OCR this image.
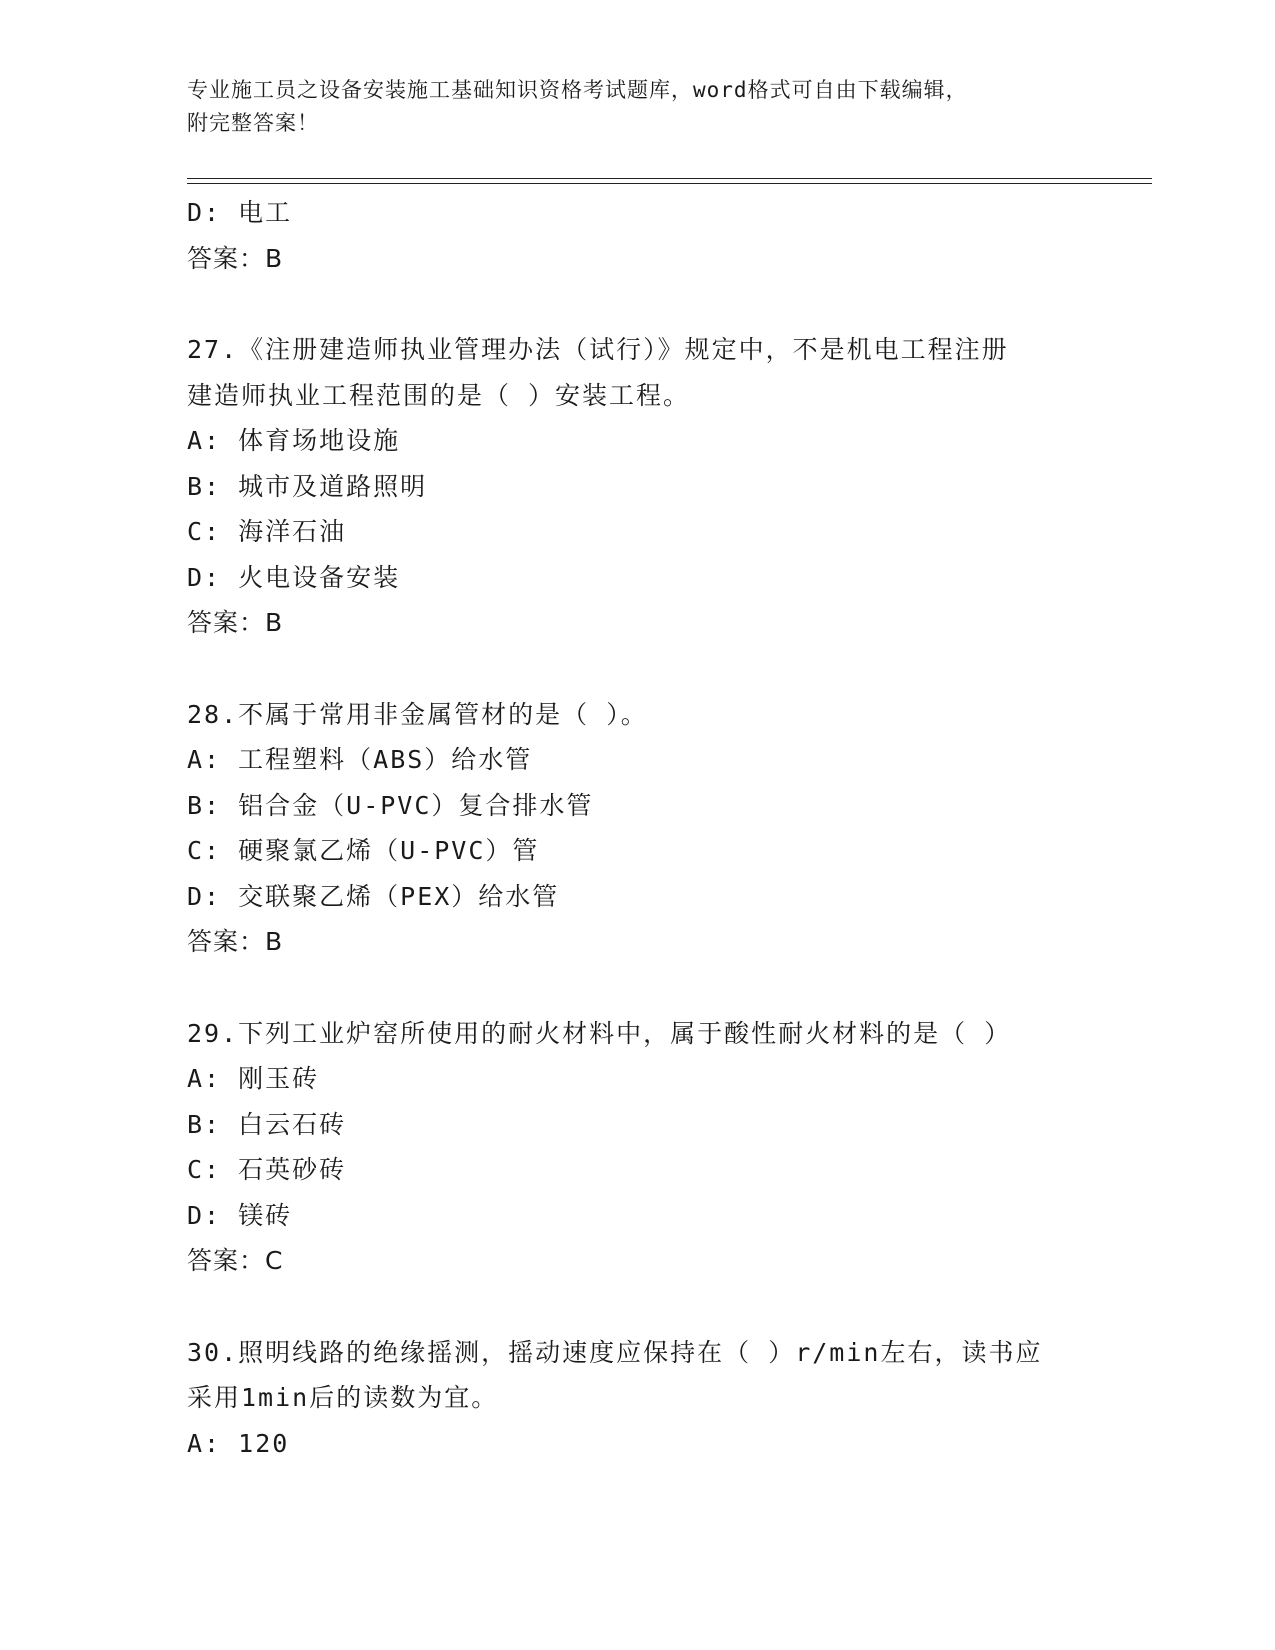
专业施工员之设备安装施工基础知识资格考试题库，word格式可自由下载编辑，
附完整答案！
D: 电工
答案：B
27.《注册建造师执业管理办法（试行）》规定中，不是机电工程注册
建造师执业工程范围的是（ ）安装工程。
A: 体育场地设施
B: 城市及道路照明
C: 海洋石油
D: 火电设备安装
答案：B
28.不属于常用非金属管材的是（ ）。
A: 工程塑料（ABS）给水管
B: 铝合金（U-PVC）复合排水管
C: 硬聚氯乙烯（U-PVC）管
D: 交联聚乙烯（PEX）给水管
答案：B
29.下列工业炉窑所使用的耐火材料中，属于酸性耐火材料的是（ ）
A: 刚玉砖
B: 白云石砖
C: 石英砂砖
D: 镁砖
答案：C
30.照明线路的绝缘摇测，摇动速度应保持在（ ）r/min左右，读书应
采用1min后的读数为宜。
A: 120
